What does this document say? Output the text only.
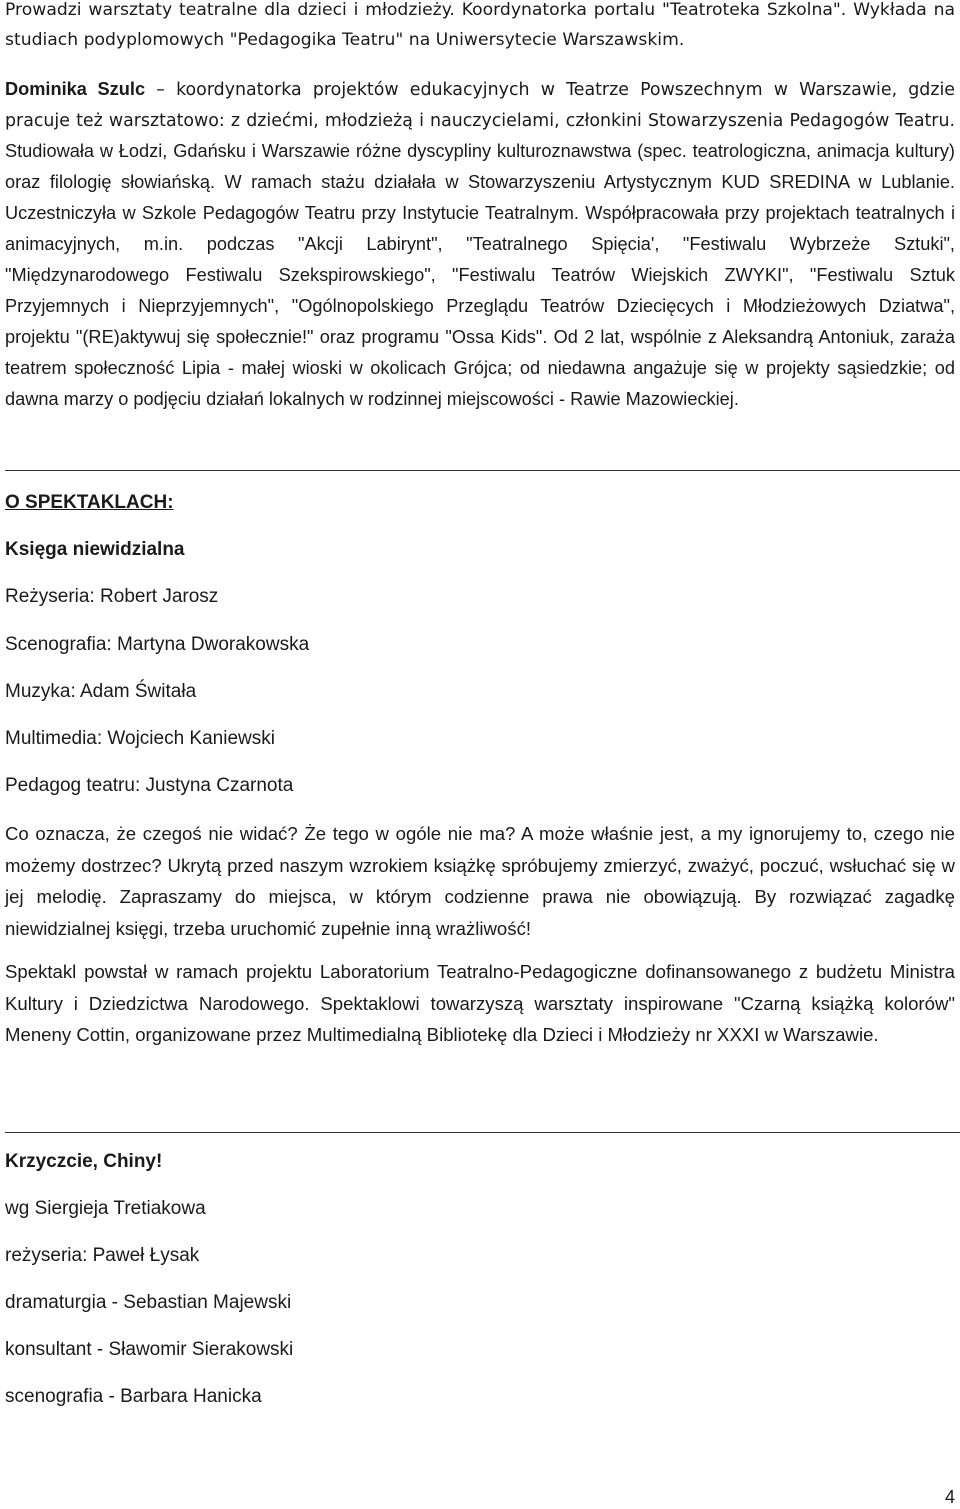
Prowadzi warsztaty teatralne dla dzieci i młodzieży. Koordynatorka portalu "Teatroteka Szkolna". Wykłada na studiach podyplomowych "Pedagogika Teatru" na Uniwersytecie Warszawskim.

Dominika Szulc – koordynatorka projektów edukacyjnych w Teatrze Powszechnym w Warszawie, gdzie pracuje też warsztatowo: z dziećmi, młodzieżą i nauczycielami, członkini Stowarzyszenia Pedagogów Teatru. Studiowała w Łodzi, Gdańsku i Warszawie różne dyscypliny kulturoznawstwa (spec. teatrologiczna, animacja kultury) oraz filologię słowiańską. W ramach stażu działała w Stowarzyszeniu Artystycznym KUD SREDINA w Lublanie. Uczestniczyła w Szkole Pedagogów Teatru przy Instytucie Teatralnym. Współpracowała przy projektach teatralnych i animacyjnych, m.in. podczas "Akcji Labirynt", "Teatralnego Spięcia', "Festiwalu Wybrzeże Sztuki", "Międzynarodowego Festiwalu Szekspirowskiego", "Festiwalu Teatrów Wiejskich ZWYKI", "Festiwalu Sztuk Przyjemnych i Nieprzyjemnych", "Ogólnopolskiego Przeglądu Teatrów Dziecięcych i Młodzieżowych Dziatwa", projektu "(RE)aktywuj się społecznie!" oraz programu "Ossa Kids". Od 2 lat, wspólnie z Aleksandrą Antoniuk, zaraża teatrem społeczność Lipia - małej wioski w okolicach Grójca; od niedawna angażuje się w projekty sąsiedzkie; od dawna marzy o podjęciu działań lokalnych w rodzinnej miejscowości - Rawie Mazowieckiej.

O SPEKTAKLACH:

Księga niewidzialna

Reżyseria: Robert Jarosz

Scenografia: Martyna Dworakowska

Muzyka: Adam Świtała

Multimedia: Wojciech Kaniewski

Pedagog teatru: Justyna Czarnota

Co oznacza, że czegoś nie widać? Że tego w ogóle nie ma? A może właśnie jest, a my ignorujemy to, czego nie możemy dostrzec? Ukrytą przed naszym wzrokiem książkę spróbujemy zmierzyć, zważyć, poczuć, wsłuchać się w jej melodię. Zapraszamy do miejsca, w którym codzienne prawa nie obowiązują. By rozwiązać zagadkę niewidzialnej księgi, trzeba uruchomić zupełnie inną wrażliwość!

Spektakl powstał w ramach projektu Laboratorium Teatralno-Pedagogiczne dofinansowanego z budżetu Ministra Kultury i Dziedzictwa Narodowego. Spektaklowi towarzyszą warsztaty inspirowane "Czarną książką kolorów" Meneny Cottin, organizowane przez Multimedialną Bibliotekę dla Dzieci i Młodzieży nr XXXI w Warszawie.

Krzyczcie, Chiny!

wg Siergieja Tretiakowa

reżyseria: Paweł Łysak

dramaturgia - Sebastian Majewski

konsultant - Sławomir Sierakowski

scenografia - Barbara Hanicka

4
